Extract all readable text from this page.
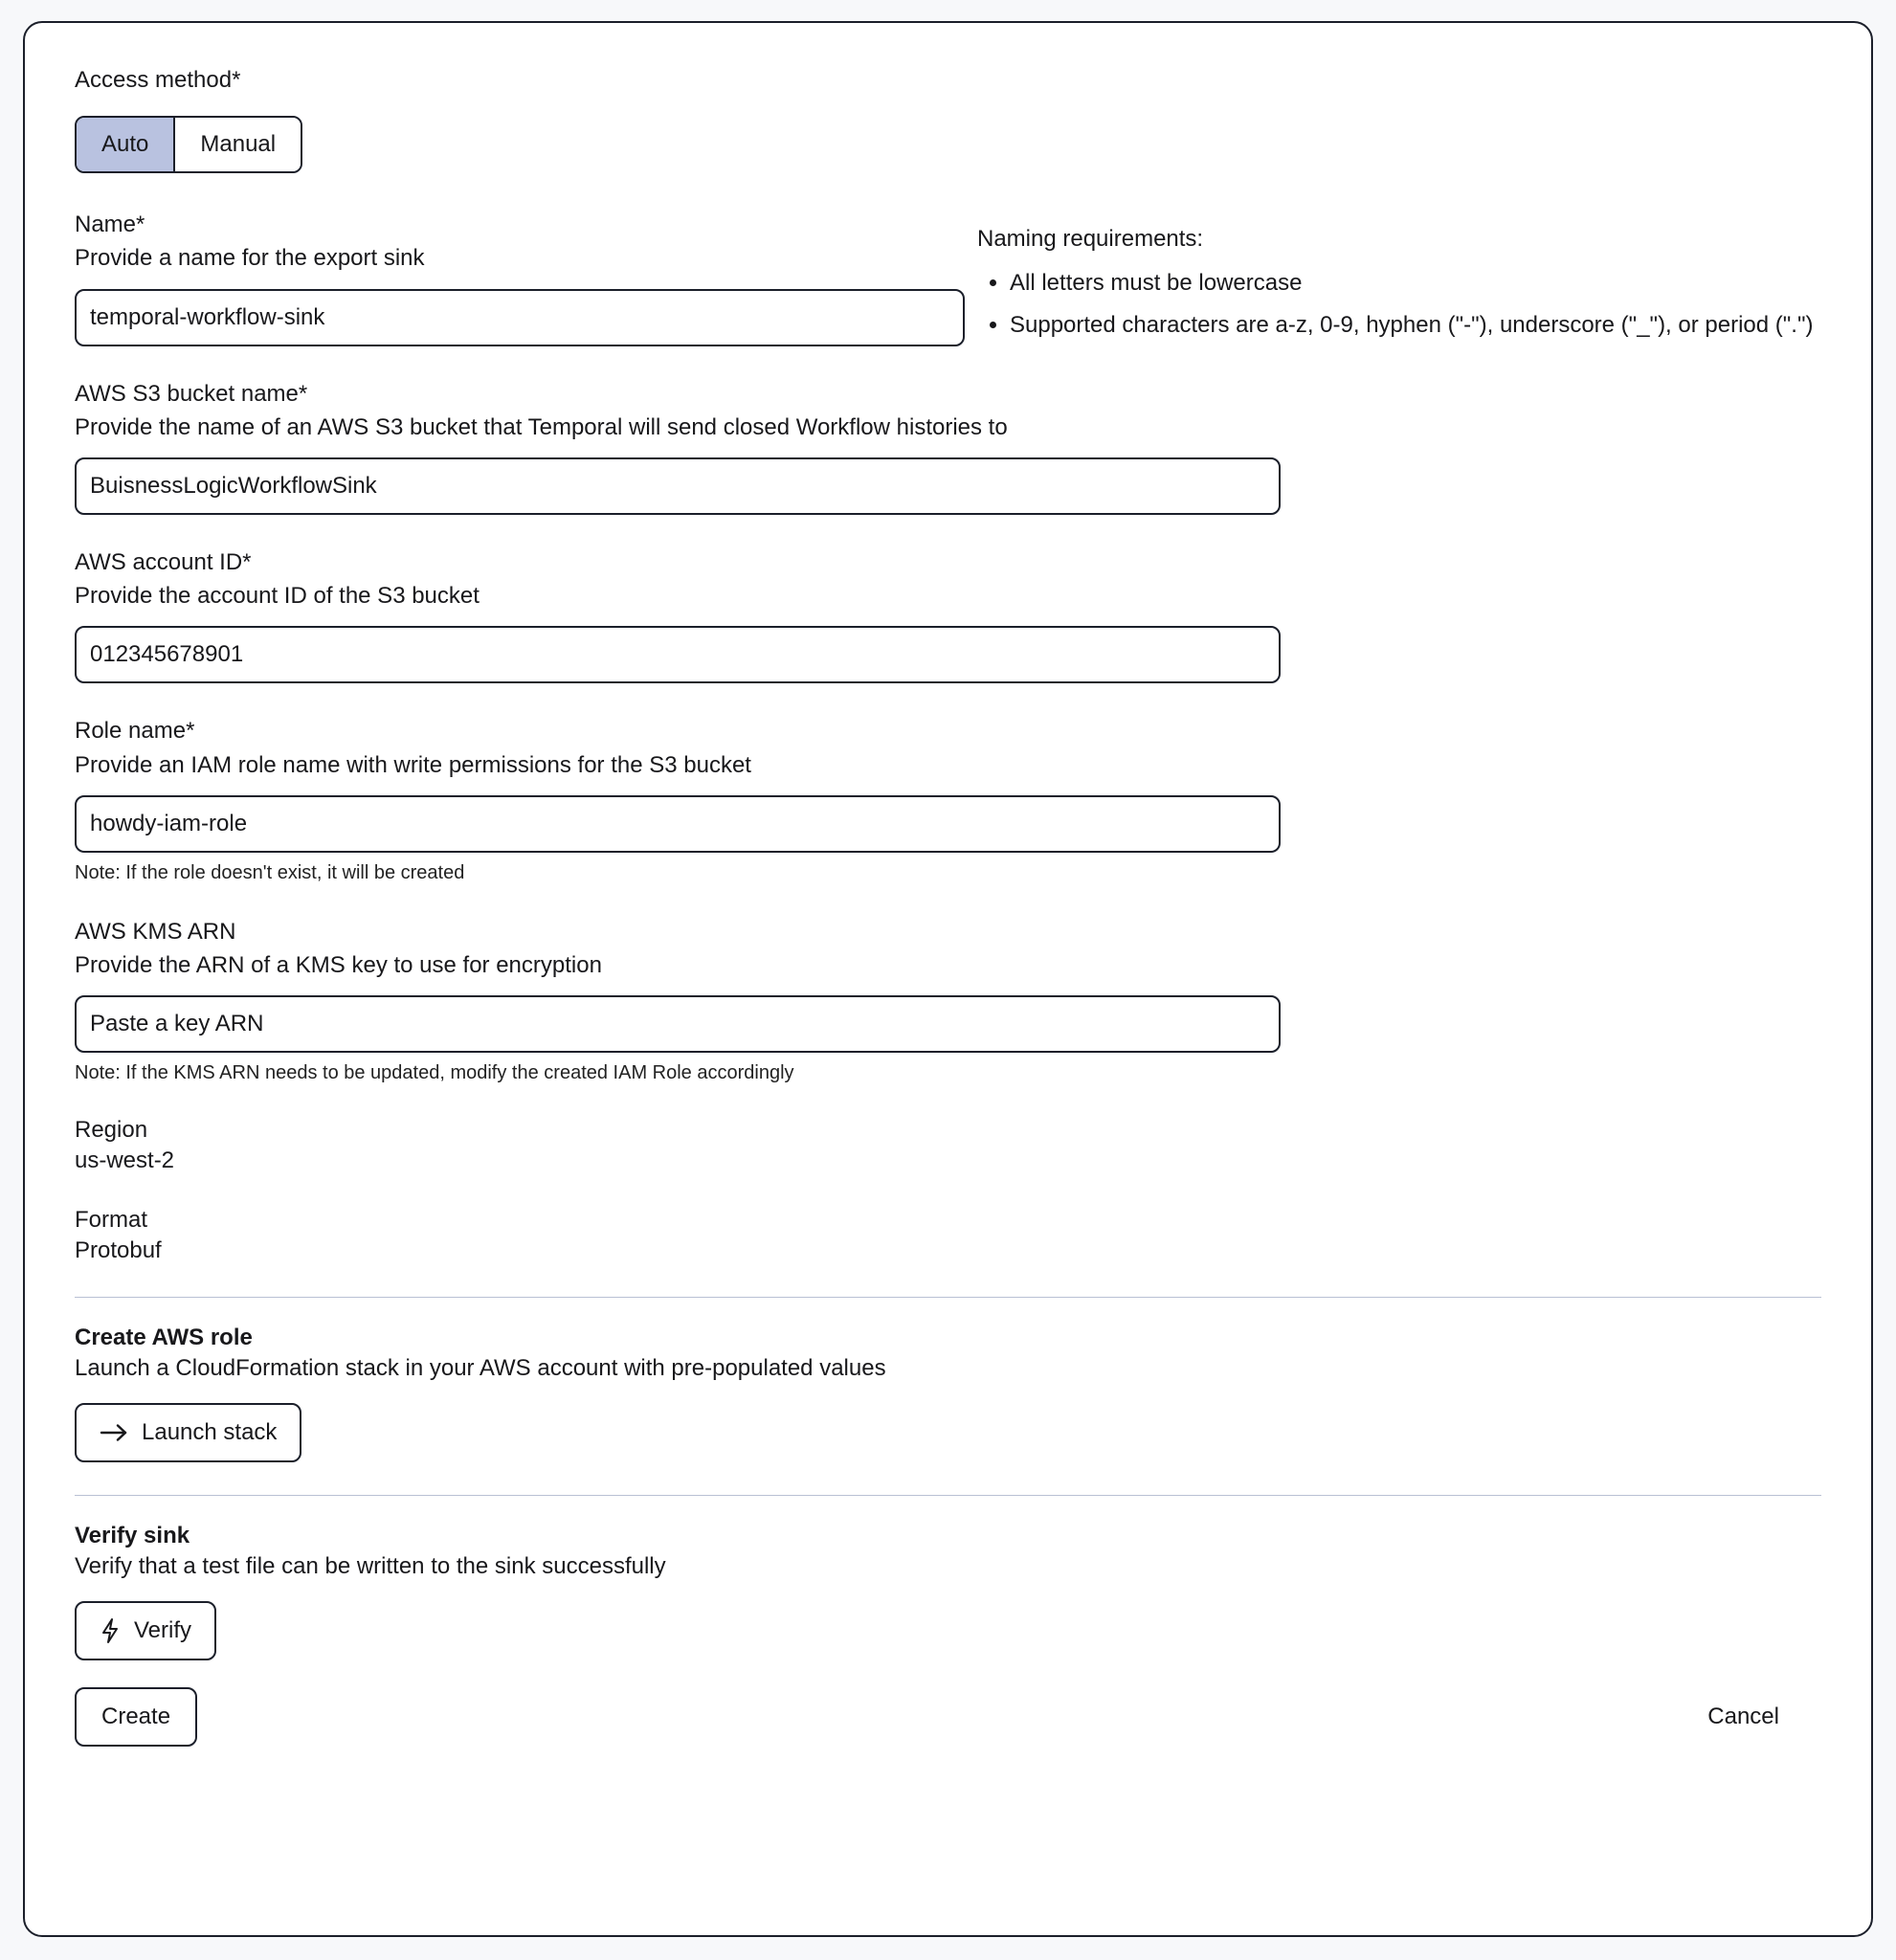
Access method*
Auto	Manual
Naming requirements:
• All letters must be lowercase
• Supported characters are a-z, 0-9, hyphen ("-"), underscore ("_"), or period (".")
Name*
Provide a name for the export sink
temporal-workflow-sink
AWS S3 bucket name*
Provide the name of an AWS S3 bucket that Temporal will send closed Workflow histories to
BuisnessLogicWorkflowSink
AWS account ID*
Provide the account ID of the S3 bucket
012345678901
Role name*
Provide an IAM role name with write permissions for the S3 bucket
howdy-iam-role
Note: If the role doesn't exist, it will be created
AWS KMS ARN
Provide the ARN of a KMS key to use for encryption
Paste a key ARN
Note: If the KMS ARN needs to be updated, modify the created IAM Role accordingly
Region
us-west-2
Format
Protobuf
Create AWS role
Launch a CloudFormation stack in your AWS account with pre-populated values
Launch stack
Verify sink
Verify that a test file can be written to the sink successfully
Verify
Create	Cancel
